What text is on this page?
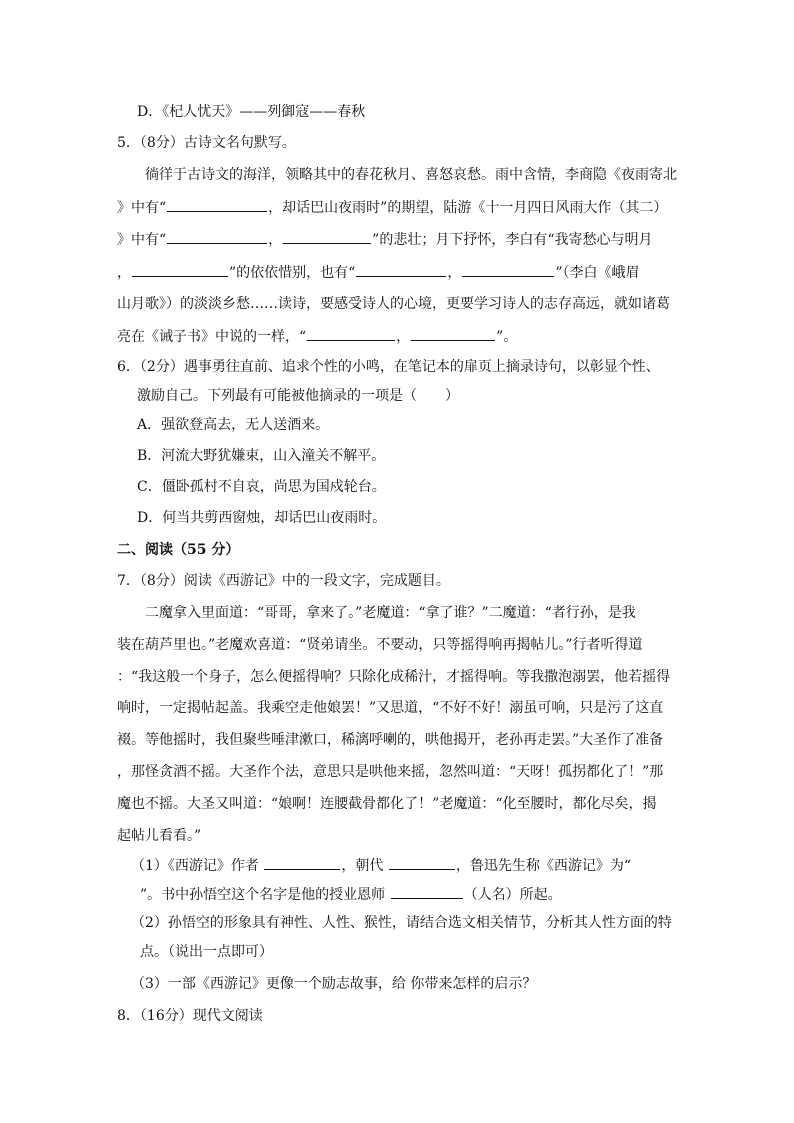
D．《杞人忧天》——列御寇——春秋
5．（8分）古诗文名句默写。
徜徉于古诗文的海洋，领略其中的春花秋月、喜怒哀愁。雨中含情，李商隐《夜雨寄北
》中有“	，却话巴山夜雨时”的期望，陆游《十一月四日风雨大作（其二）
》中有“	，	”的悲壮；月下抒怀，李白有“我寄愁心与明月
，	”的依依惜别，也有“	，	”（李白《峨眉
山月歌》）的淡淡乡愁……读诗，要感受诗人的心境，更要学习诗人的志存高远，就如诸葛
亮在《诫子书》中说的一样，“	，	”。
6．（2分）遇事勇往直前、追求个性的小鸣，在笔记本的扉页上摘录诗句，以彰显个性、
激励自己。下列最有可能被他摘录的一项是（　　）
A．强欲登高去，无人送酒来。
B．河流大野犹嫌束，山入潼关不解平。
C．僵卧孤村不自哀，尚思为国戍轮台。
D．何当共剪西窗烛，却话巴山夜雨时。
二、阅读（55 分）
7．（8分）阅读《西游记》中的一段文字，完成题目。
二魔拿入里面道：“哥哥，拿来了。”老魔道：“拿了谁？”二魔道：“者行孙，是我
装在葫芦里也。”老魔欢喜道：“贤弟请坐。不要动，只等摇得响再揭帖儿。”行者听得道
：“我这般一个身子，怎么便摇得响？只除化成稀汁，才摇得响。等我撒泡溺罢，他若摇得
响时，一定揭帖起盖。我乘空走他娘罢！”又思道，“不好不好！溺虽可响，只是污了这直
裰。等他摇时，我但聚些唾津漱口，稀漓呼喇的，哄他揭开，老孙再走罢。”大圣作了准备
，那怪贪酒不摇。大圣作个法，意思只是哄他来摇，忽然叫道：“天呀！孤拐都化了！”那
魔也不摇。大圣又叫道：“娘啊！连腰截骨都化了！”老魔道：“化至腰时，都化尽矣，揭
起帖儿看看。”
（1）《西游记》作者	，朝代	，鲁迅先生称《西游记》为“
”。书中孙悟空这个名字是他的授业恩师	（人名）所起。
（2）孙悟空的形象具有神性、人性、猴性，请结合选文相关情节，分析其人性方面的特
点。（说出一点即可）
（3）一部《西游记》更像一个励志故事，给 你带来怎样的启示？
8．（16分）现代文阅读
